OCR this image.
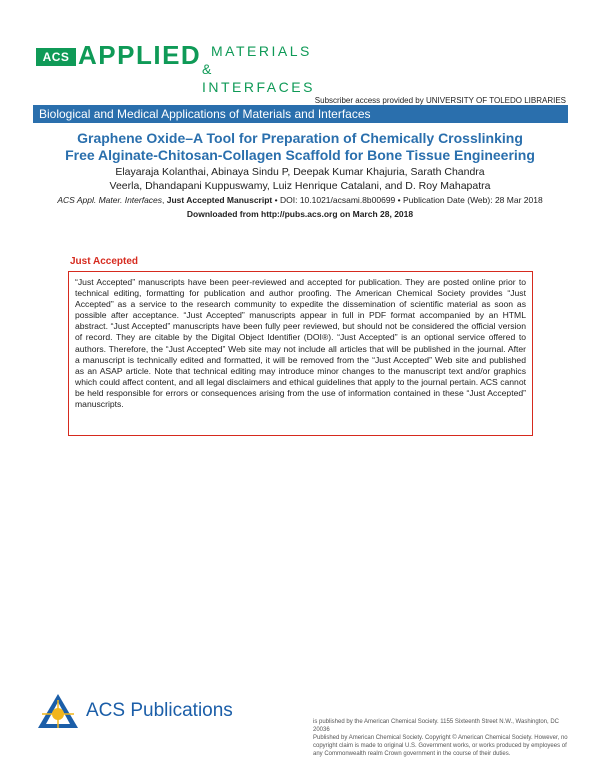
ACS APPLIED MATERIALS
& INTERFACES
Subscriber access provided by UNIVERSITY OF TOLEDO LIBRARIES
Biological and Medical Applications of Materials and Interfaces
Graphene Oxide–A Tool for Preparation of Chemically Crosslinking
Free Alginate-Chitosan-Collagen Scaffold for Bone Tissue Engineering
Elayaraja Kolanthai, Abinaya Sindu P, Deepak Kumar Khajuria, Sarath Chandra
Veerla, Dhandapani Kuppuswamy, Luiz Henrique Catalani, and D. Roy Mahapatra
ACS Appl. Mater. Interfaces, Just Accepted Manuscript • DOI: 10.1021/acsami.8b00699 • Publication Date (Web): 28 Mar 2018
Downloaded from http://pubs.acs.org on March 28, 2018
Just Accepted
“Just Accepted” manuscripts have been peer-reviewed and accepted for publication. They are posted online prior to technical editing, formatting for publication and author proofing. The American Chemical Society provides “Just Accepted” as a service to the research community to expedite the dissemination of scientific material as soon as possible after acceptance. “Just Accepted” manuscripts appear in full in PDF format accompanied by an HTML abstract. “Just Accepted” manuscripts have been fully peer reviewed, but should not be considered the official version of record. They are citable by the Digital Object Identifier (DOI®). “Just Accepted” is an optional service offered to authors. Therefore, the “Just Accepted” Web site may not include all articles that will be published in the journal. After a manuscript is technically edited and formatted, it will be removed from the “Just Accepted” Web site and published as an ASAP article. Note that technical editing may introduce minor changes to the manuscript text and/or graphics which could affect content, and all legal disclaimers and ethical guidelines that apply to the journal pertain. ACS cannot be held responsible for errors or consequences arising from the use of information contained in these “Just Accepted” manuscripts.
ACS Publications

is published by the American Chemical Society. 1155 Sixteenth Street N.W., Washington, DC 20036

Published by American Chemical Society. Copyright © American Chemical Society. However, no copyright claim is made to original U.S. Government works, or works produced by employees of any Commonwealth realm Crown government in the course of their duties.
